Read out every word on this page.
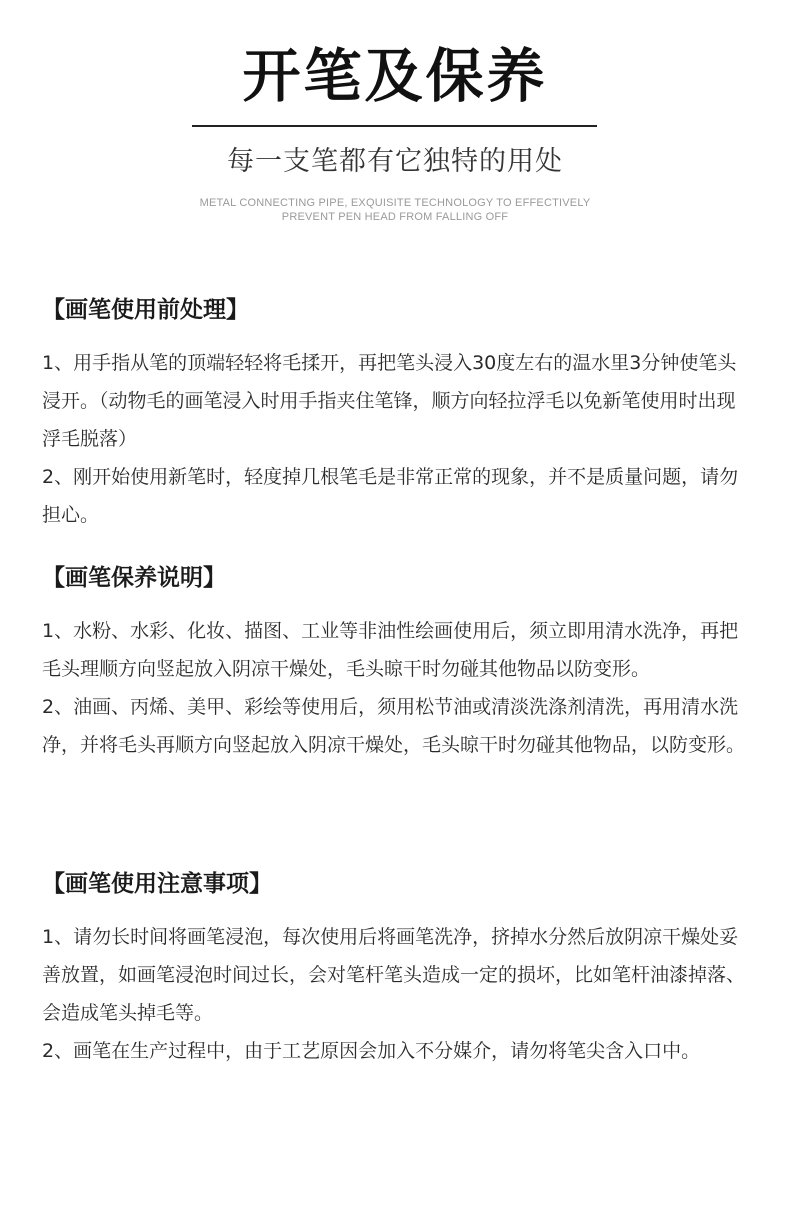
开笔及保养
每一支笔都有它独特的用处
METAL CONNECTING PIPE, EXQUISITE TECHNOLOGY TO EFFECTIVELY
PREVENT PEN HEAD FROM FALLING OFF
【画笔使用前处理】

1、用手指从笔的顶端轻轻将毛揉开，再把笔头浸入30度左右的温水里3分钟使笔头浸开。（动物毛的画笔浸入时用手指夹住笔锋，顺方向轻拉浮毛以免新笔使用时出现浮毛脱落）

2、刚开始使用新笔时，轻度掉几根笔毛是非常正常的现象，并不是质量问题，请勿担心。

【画笔保养说明】

1、水粉、水彩、化妆、描图、工业等非油性绘画使用后，须立即用清水洗净，再把毛头理顺方向竖起放入阴凉干燥处，毛头晾干时勿碰其他物品以防变形。

2、油画、丙烯、美甲、彩绘等使用后，须用松节油或清淡洗涤剂清洗，再用清水洗净，并将毛头再顺方向竖起放入阴凉干燥处，毛头晾干时勿碰其他物品，以防变形。

【画笔使用注意事项】

1、请勿长时间将画笔浸泡，每次使用后将画笔洗净，挤掉水分然后放阴凉干燥处妥善放置，如画笔浸泡时间过长，会对笔杆笔头造成一定的损坏，比如笔杆油漆掉落、会造成笔头掉毛等。

2、画笔在生产过程中，由于工艺原因会加入不分媒介，请勿将笔尖含入口中。
